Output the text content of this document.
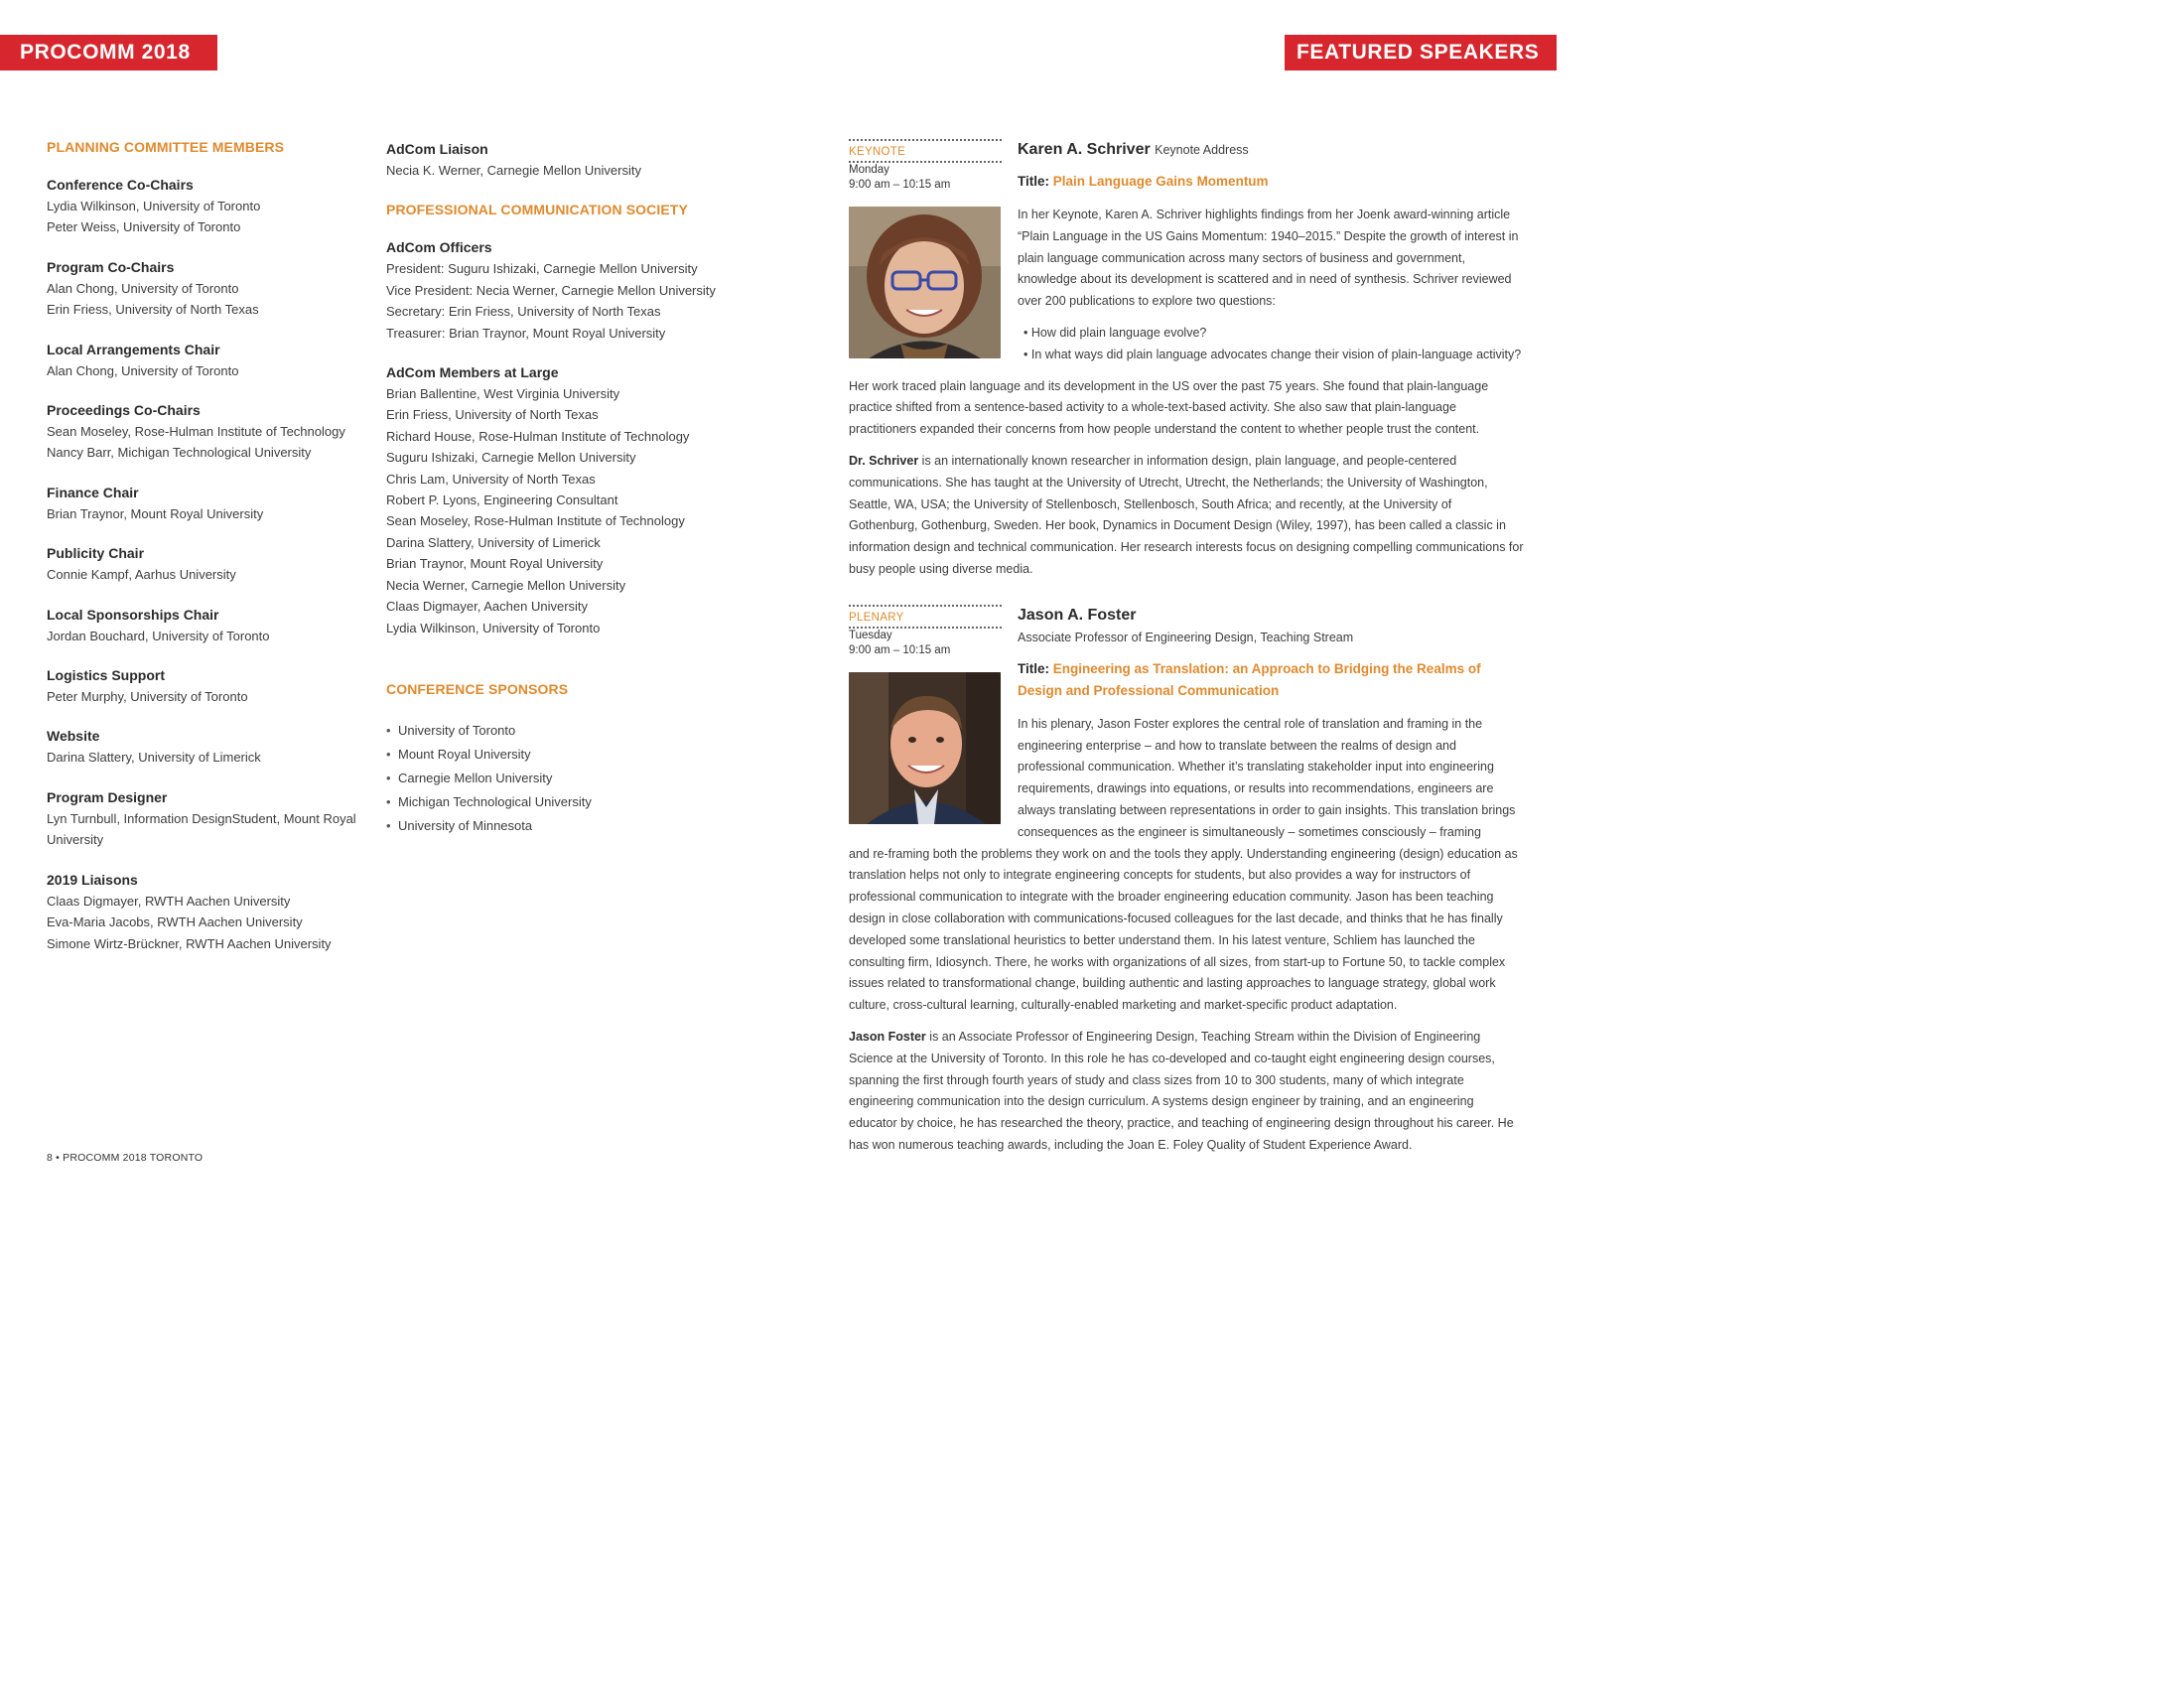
PROCOMM 2018	FEATURED SPEAKERS
PLANNING COMMITTEE MEMBERS
Conference Co-Chairs
Lydia Wilkinson, University of Toronto
Peter Weiss, University of Toronto
Program Co-Chairs
Alan Chong, University of Toronto
Erin Friess, University of North Texas
Local Arrangements Chair
Alan Chong, University of Toronto
Proceedings Co-Chairs
Sean Moseley, Rose-Hulman Institute of Technology
Nancy Barr, Michigan Technological University
Finance Chair
Brian Traynor, Mount Royal University
Publicity Chair
Connie Kampf, Aarhus University
Local Sponsorships Chair
Jordan Bouchard, University of Toronto
Logistics Support
Peter Murphy, University of Toronto
Website
Darina Slattery, University of Limerick
Program Designer
Lyn Turnbull, Information DesignStudent, Mount Royal University
2019 Liaisons
Claas Digmayer, RWTH Aachen University
Eva-Maria Jacobs, RWTH Aachen University
Simone Wirtz-Brückner, RWTH Aachen University
AdCom Liaison
Necia K. Werner, Carnegie Mellon University
PROFESSIONAL COMMUNICATION SOCIETY
AdCom Officers
President: Suguru Ishizaki, Carnegie Mellon University
Vice President: Necia Werner, Carnegie Mellon University
Secretary: Erin Friess, University of North Texas
Treasurer: Brian Traynor, Mount Royal University
AdCom Members at Large
Brian Ballentine, West Virginia University
Erin Friess, University of North Texas
Richard House, Rose-Hulman Institute of Technology
Suguru Ishizaki, Carnegie Mellon University
Chris Lam, University of North Texas
Robert P. Lyons, Engineering Consultant
Sean Moseley, Rose-Hulman Institute of Technology
Darina Slattery, University of Limerick
Brian Traynor, Mount Royal University
Necia Werner, Carnegie Mellon University
Claas Digmayer, Aachen University
Lydia Wilkinson, University of Toronto
CONFERENCE SPONSORS
• University of Toronto
• Mount Royal University
• Carnegie Mellon University
• Michigan Technological University
• University of Minnesota
KEYNOTE
Monday
9:00 am – 10:15 am
Karen A. Schriver Keynote Address
Title: Plain Language Gains Momentum

In her Keynote, Karen A. Schriver highlights findings from her Joenk award-winning article “Plain Language in the US Gains Momentum: 1940–2015.” Despite the growth of interest in plain language communication across many sectors of business and government, knowledge about its development is scattered and in need of synthesis. Schriver reviewed over 200 publications to explore two questions:

• How did plain language evolve?
• In what ways did plain language advocates change their vision of plain-language activity?

Her work traced plain language and its development in the US over the past 75 years. She found that plain-language practice shifted from a sentence-based activity to a whole-text-based activity. She also saw that plain-language practitioners expanded their concerns from how people understand the content to whether people trust the content.

Dr. Schriver is an internationally known researcher in information design, plain language, and people-centered communications. She has taught at the University of Utrecht, Utrecht, the Netherlands; the University of Washington, Seattle, WA, USA; the University of Stellenbosch, Stellenbosch, South Africa; and recently, at the University of Gothenburg, Gothenburg, Sweden. Her book, Dynamics in Document Design (Wiley, 1997), has been called a classic in information design and technical communication. Her research interests focus on designing compelling communications for busy people using diverse media.

PLENARY
Tuesday
9:00 am – 10:15 am
Jason A. Foster
Associate Professor of Engineering Design, Teaching Stream
Title: Engineering as Translation: an Approach to Bridging the Realms of Design and Professional Communication

In his plenary, Jason Foster explores the central role of translation and framing in the engineering enterprise – and how to translate between the realms of design and professional communication. Whether it’s translating stakeholder input into engineering requirements, drawings into equations, or results into recommendations, engineers are always translating between representations in order to gain insights. This translation brings consequences as the engineer is simultaneously – sometimes consciously – framing

and re-framing both the problems they work on and the tools they apply. Understanding engineering (design) education as translation helps not only to integrate engineering concepts for students, but also provides a way for instructors of professional communication to integrate with the broader engineering education community. Jason has been teaching design in close collaboration with communications-focused colleagues for the last decade, and thinks that he has finally developed some translational heuristics to better understand them. In his latest venture, Schliem has launched the consulting firm, Idiosynch. There, he works with organizations of all sizes, from start-up to Fortune 50, to tackle complex issues related to transformational change, building authentic and lasting approaches to language strategy, global work culture, cross-cultural learning, culturally-enabled marketing and market-specific product adaptation.

Jason Foster is an Associate Professor of Engineering Design, Teaching Stream within the Division of Engineering Science at the University of Toronto. In this role he has co-developed and co-taught eight engineering design courses, spanning the first through fourth years of study and class sizes from 10 to 300 students, many of which integrate engineering communication into the design curriculum. A systems design engineer by training, and an engineering educator by choice, he has researched the theory, practice, and teaching of engineering design throughout his career. He has won numerous teaching awards, including the Joan E. Foley Quality of Student Experience Award.

8 • PROCOMM 2018 TORONTO
